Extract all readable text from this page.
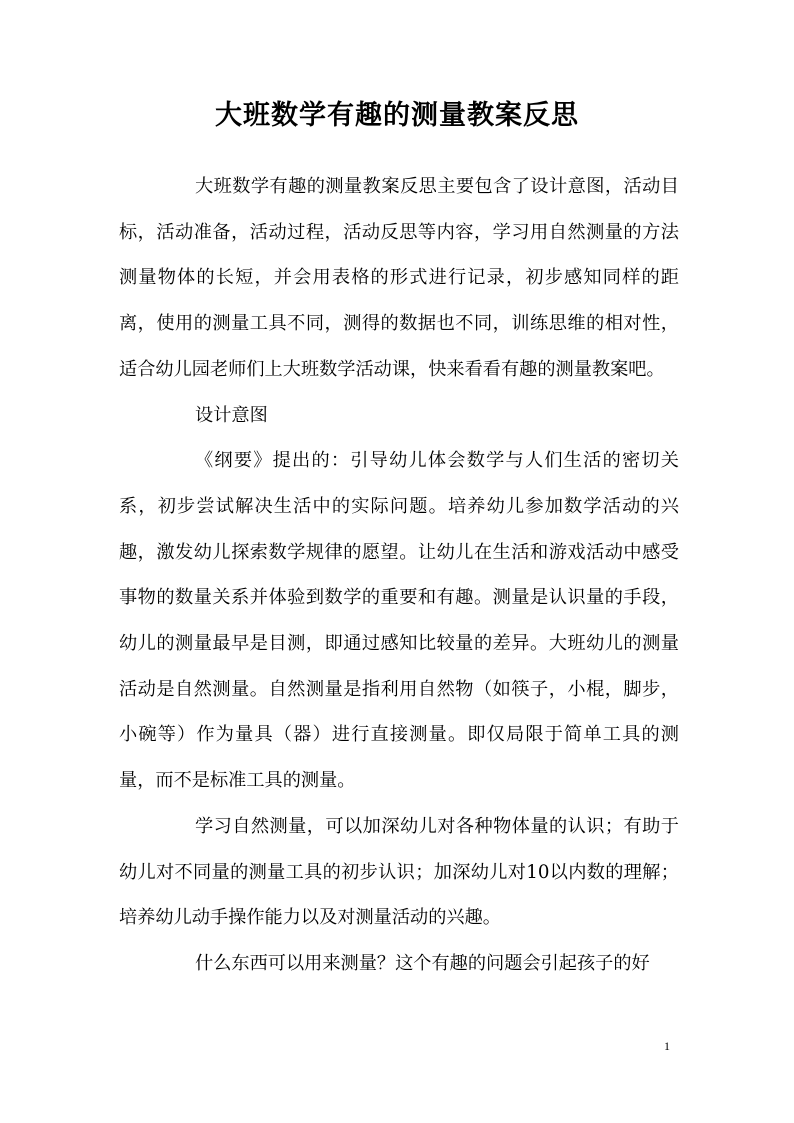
大班数学有趣的测量教案反思

大班数学有趣的测量教案反思主要包含了设计意图，活动目标，活动准备，活动过程，活动反思等内容，学习用自然测量的方法测量物体的长短，并会用表格的形式进行记录，初步感知同样的距离，使用的测量工具不同，测得的数据也不同，训练思维的相对性，适合幼儿园老师们上大班数学活动课，快来看看有趣的测量教案吧。

设计意图

《纲要》提出的：引导幼儿体会数学与人们生活的密切关系，初步尝试解决生活中的实际问题。培养幼儿参加数学活动的兴趣，激发幼儿探索数学规律的愿望。让幼儿在生活和游戏活动中感受事物的数量关系并体验到数学的重要和有趣。测量是认识量的手段，幼儿的测量最早是目测，即通过感知比较量的差异。大班幼儿的测量活动是自然测量。自然测量是指利用自然物（如筷子，小棍，脚步，小碗等）作为量具（器）进行直接测量。即仅局限于简单工具的测量，而不是标准工具的测量。

学习自然测量，可以加深幼儿对各种物体量的认识；有助于幼儿对不同量的测量工具的初步认识；加深幼儿对10以内数的理解；培养幼儿动手操作能力以及对测量活动的兴趣。

什么东西可以用来测量？这个有趣的问题会引起孩子的好

1
